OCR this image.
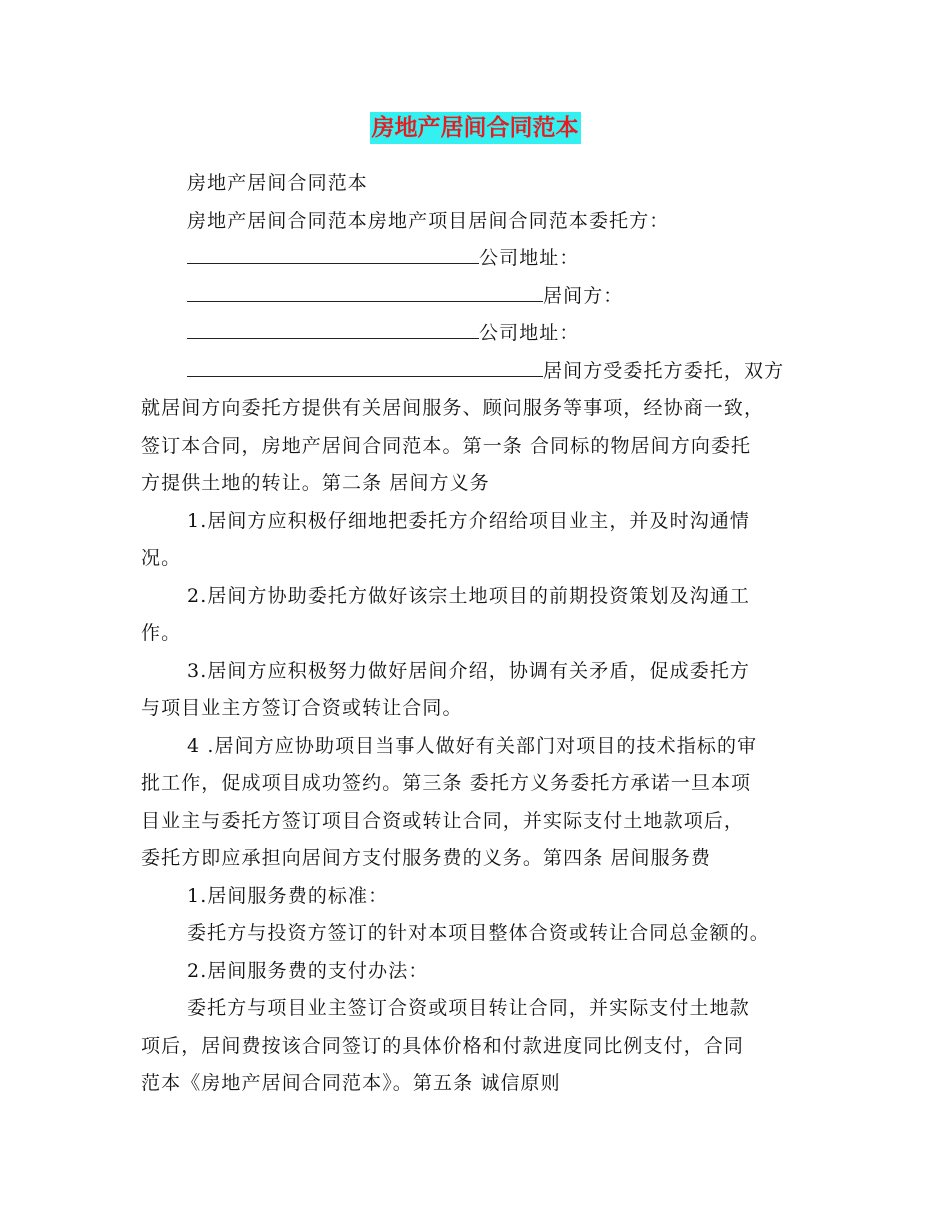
房地产居间合同范本
房地产居间合同范本
房地产居间合同范本房地产项目居间合同范本委托方：
公司地址：
居间方：
公司地址：
居间方受委托方委托，双方
就居间方向委托方提供有关居间服务、顾问服务等事项，经协商一致，
签订本合同，房地产居间合同范本。第一条 合同标的物居间方向委托
方提供土地的转让。第二条 居间方义务
1.居间方应积极仔细地把委托方介绍给项目业主，并及时沟通情
况。
2.居间方协助委托方做好该宗土地项目的前期投资策划及沟通工
作。
3.居间方应积极努力做好居间介绍，协调有关矛盾，促成委托方
与项目业主方签订合资或转让合同。
4 .居间方应协助项目当事人做好有关部门对项目的技术指标的审
批工作，促成项目成功签约。第三条 委托方义务委托方承诺一旦本项
目业主与委托方签订项目合资或转让合同，并实际支付土地款项后，
委托方即应承担向居间方支付服务费的义务。第四条 居间服务费
1.居间服务费的标准：
委托方与投资方签订的针对本项目整体合资或转让合同总金额的。
2.居间服务费的支付办法：
委托方与项目业主签订合资或项目转让合同，并实际支付土地款
项后，居间费按该合同签订的具体价格和付款进度同比例支付，合同
范本《房地产居间合同范本》。第五条 诚信原则
